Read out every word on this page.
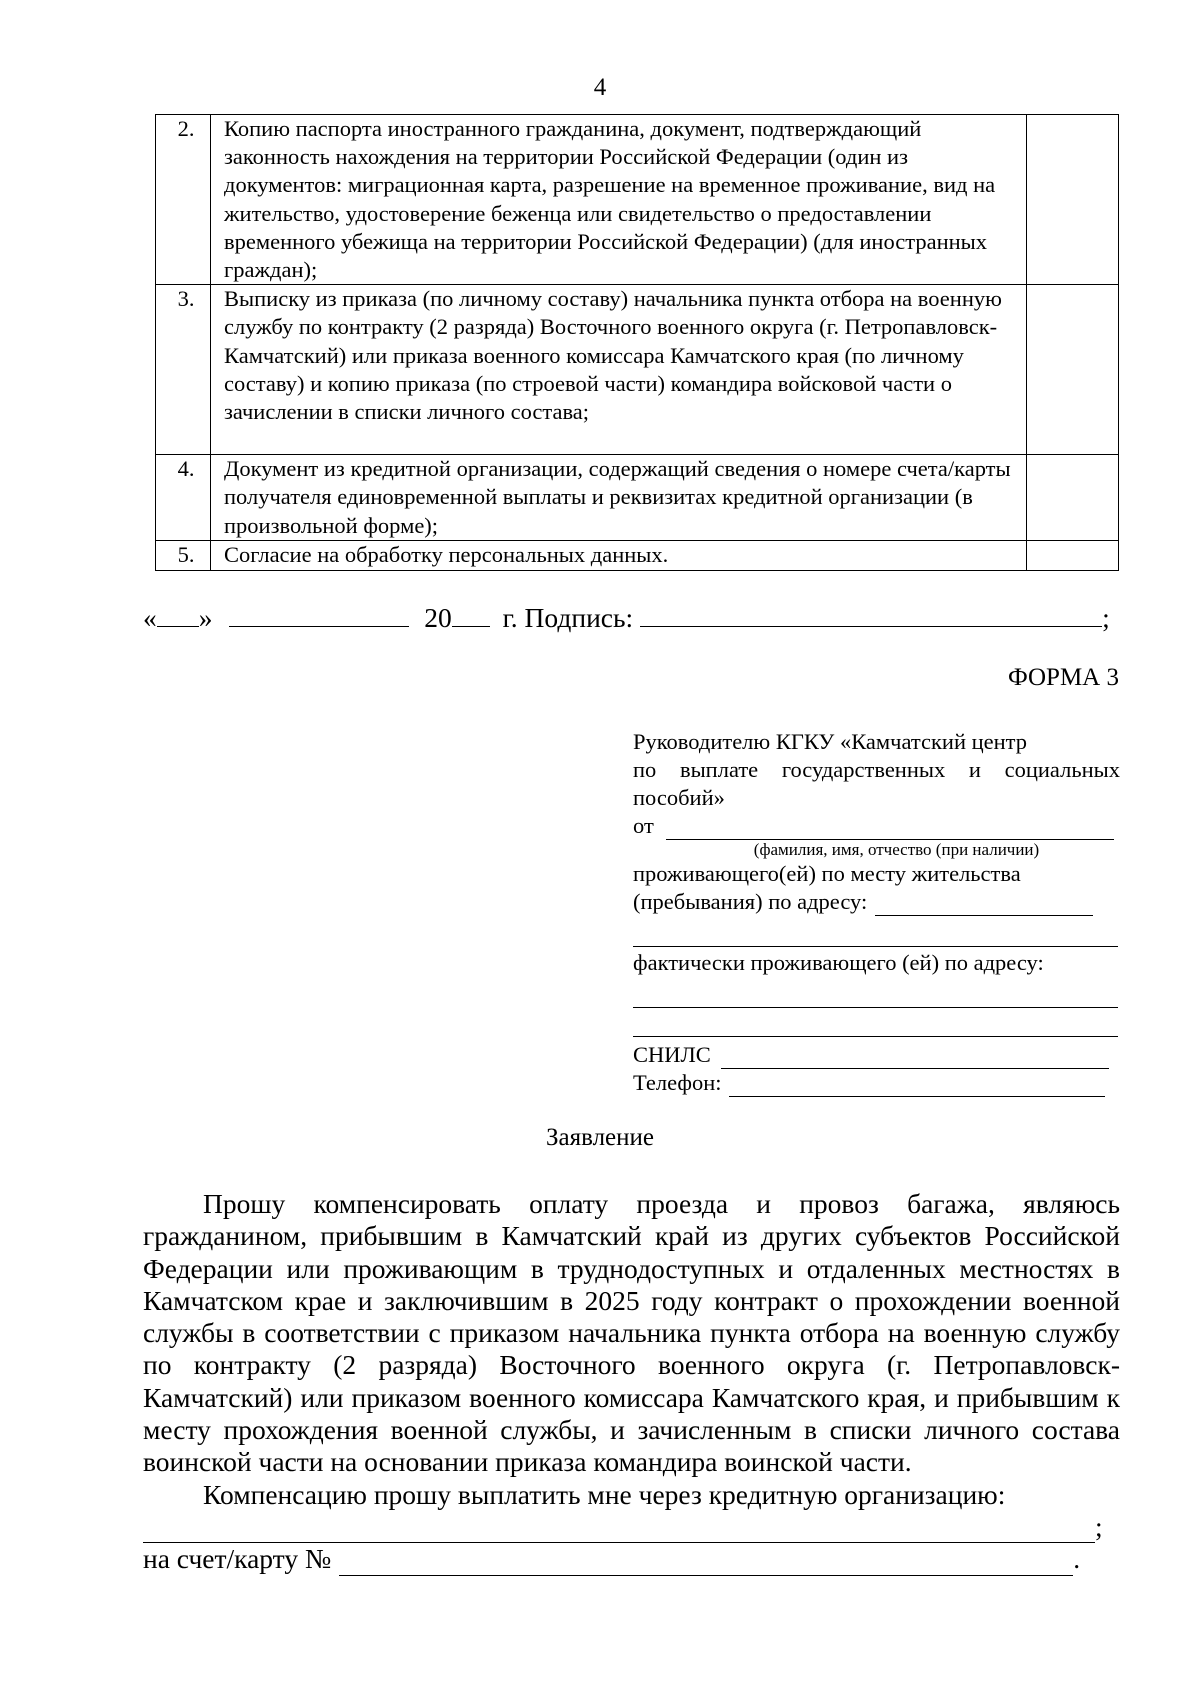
4
2.	Копию паспорта иностранного гражданина, документ, подтверждающий законность нахождения на территории Российской Федерации (один из документов: миграционная карта, разрешение на временное проживание, вид на жительство, удостоверение беженца или свидетельство о предоставлении временного убежища на территории Российской Федерации) (для иностранных граждан);	
3.	Выписку из приказа (по личному составу) начальника пункта отбора на военную службу по контракту (2 разряда) Восточного военного округа (г. Петропавловск-Камчатский) или приказа военного комиссара Камчатского края (по личному составу) и копию приказа (по строевой части) командира войсковой части о зачислении в списки личного состава;	
4.	Документ из кредитной организации, содержащий сведения о номере счета/карты получателя единовременной выплаты и реквизитах кредитной организации (в произвольной форме);	
5.	Согласие на обработку персональных данных.	
« »	20 г. Подпись:	;
ФОРМА 3
Руководителю КГКУ «Камчатский центр
по выплате государственных и социальных
пособий»
от
(фамилия, имя, отчество (при наличии)
проживающего(ей) по месту жительства
(пребывания) по адресу:
фактически проживающего (ей) по адресу:
СНИЛС
Телефон:
Заявление

Прошу компенсировать оплату проезда и провоз багажа, являюсь гражданином, прибывшим в Камчатский край из других субъектов Российской Федерации или проживающим в труднодоступных и отдаленных местностях в Камчатском крае и заключившим в 2025 году контракт о прохождении военной службы в соответствии с приказом начальника пункта отбора на военную службу по контракту (2 разряда) Восточного военного округа (г. Петропавловск-Камчатский) или приказом военного комиссара Камчатского края, и прибывшим к месту прохождения военной службы, и зачисленным в списки личного состава воинской части на основании приказа командира воинской части.

Компенсацию прошу выплатить мне через кредитную организацию:

;
на счет/карту №	.
